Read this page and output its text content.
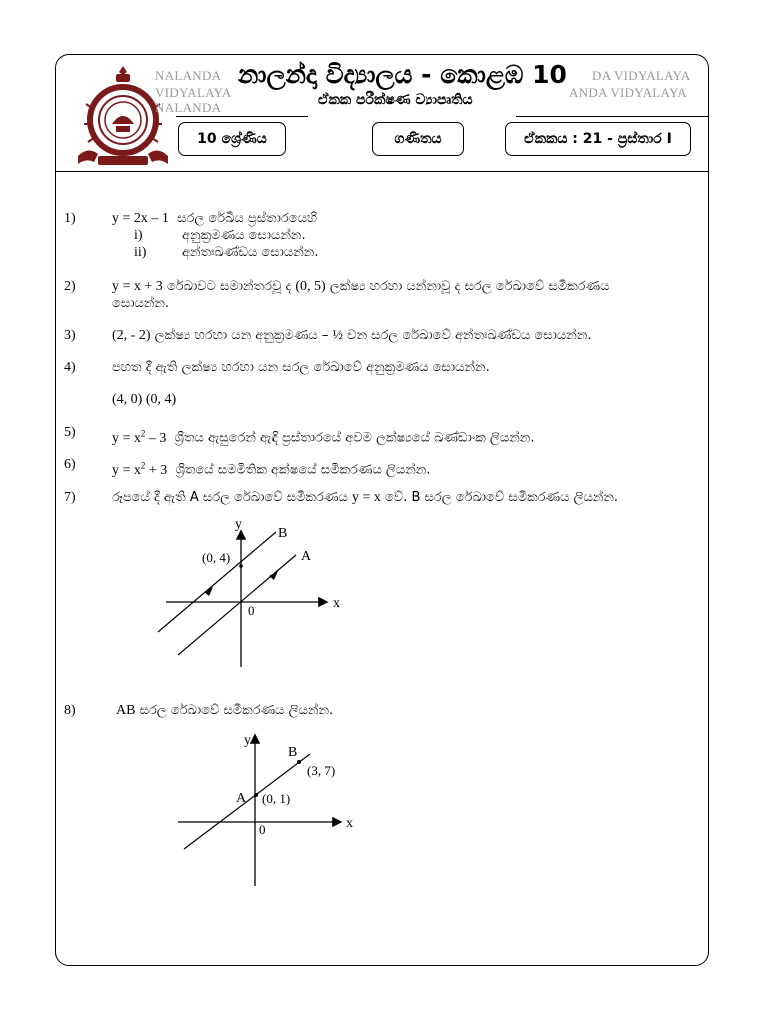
NALANDA
VIDYALAYA
NALANDA
DA VIDYALAYA
ANDA VIDYALAYA
නාලන්දා විද්‍යාලය - කොළඹ 10
ඒකක පරීක්ෂණ ව්‍යාපෘතිය
10 ශ්‍රේණිය	ගණිතය	ඒකකය : 21 - ප්‍රස්තාර I
1)	y = 2x – 1 සරල රේඛීය ප්‍රස්තාරයෙහි
i)	අනුක්‍රමණය සොයන්න.
ii)	අන්තඃඛණ්ඩය සොයන්න.
2)	y = x + 3 රේඛාවට සමාන්තරවූ ද (0, 5) ලක්ෂ්‍ය හරහා යන්නාවූ ද සරල රේඛාවේ සමීකරණය
සොයන්න.
3)	(2, - 2) ලක්ෂ්‍ය හරහා යන අනුක්‍රමණය – ½ වන සරල රේඛාවේ අන්තඃඛණ්ඩය සොයන්න.
4)	පහත දී ඇති ලක්ෂ්‍ය හරහා යන සරල රේඛාවේ අනුක්‍රමණය සොයන්න.
(4, 0) (0, 4)
5)	$y = x^2 - 3$ ශ්‍රිතය ඇසුරෙන් ඇඳි ප්‍රස්තාරයේ අවම ලක්ෂ්‍යයේ ඛණ්ඩාංක ලියන්න.
6)	$y = x^2 + 3$ ශ්‍රිතයේ සමමිතික අක්ෂයේ සමීකරණය ලියන්න.
7)	රූපයේ දී ඇති A සරල රේඛාවේ සමීකරණය y = x වේ. B සරල රේඛාවේ සමීකරණය ලියන්න.
y
x
0
B
A
(0, 4)
8)	AB සරල රේඛාවේ සමීකරණය ලියන්න.
y
x
0
A
B
(0, 1)
(3, 7)
